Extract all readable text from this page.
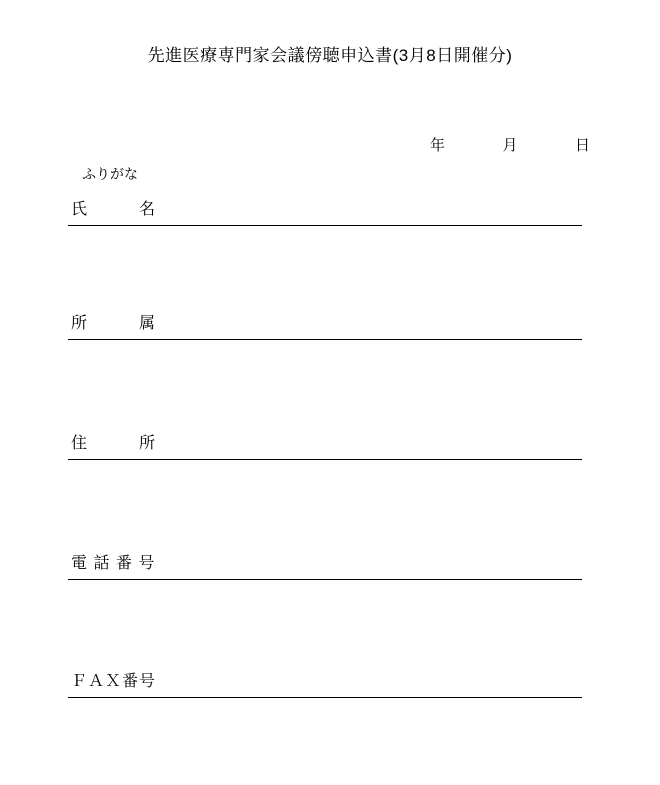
先進医療専門家会議傍聴申込書(3月8日開催分)
年	月	日
ふりがな
氏　　　名
所　　　属
住　　　所
電 話 番 号
ＦＡＸ番号
